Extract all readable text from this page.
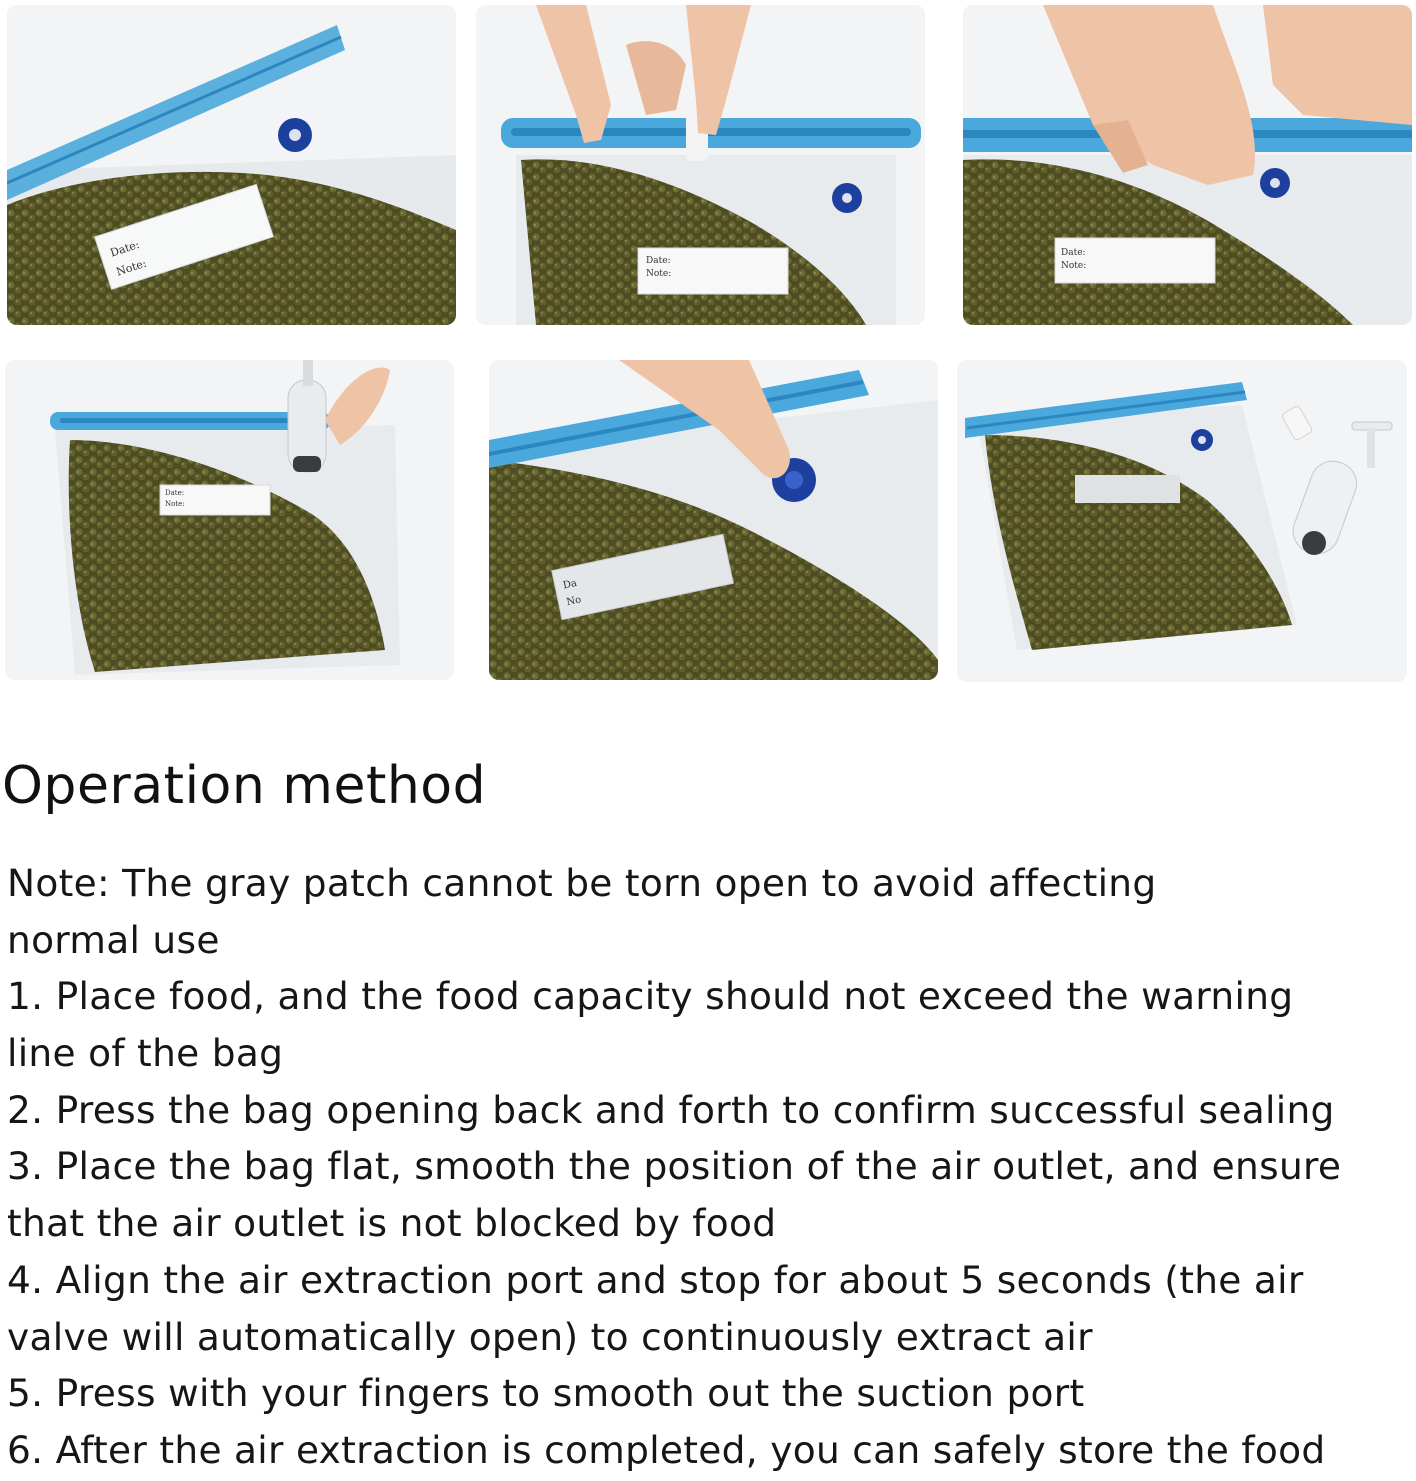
Date:
Note:	Date:
Note:
Date:
Note:
Date:
Note:
Da
No
Operation method
Note: The gray patch cannot be torn open to avoid affecting
normal use
1. Place food, and the food capacity should not exceed the warning
line of the bag
2. Press the bag opening back and forth to confirm successful sealing
3. Place the bag flat, smooth the position of the air outlet, and ensure
that the air outlet is not blocked by food
4. Align the air extraction port and stop for about 5 seconds (the air
valve will automatically open) to continuously extract air
5. Press with your fingers to smooth out the suction port
6. After the air extraction is completed, you can safely store the food
